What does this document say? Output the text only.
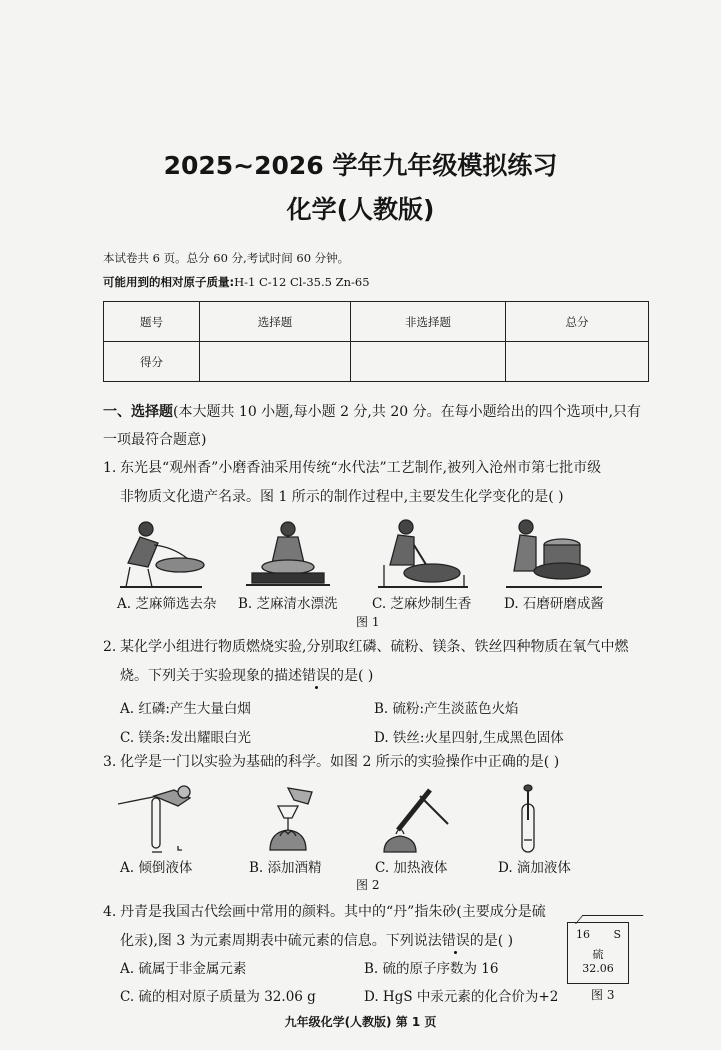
2025~2026 学年九年级模拟练习
化学(人教版)
本试卷共 6 页。总分 60 分,考试时间 60 分钟。
可能用到的相对原子质量:H-1 C-12 Cl-35.5 Zn-65
题号	选择题	非选择题	总分
得分			
一、选择题(本大题共 10 小题,每小题 2 分,共 20 分。在每小题给出的四个选项中,只有
一项最符合题意)
1. 东光县“观州香”小磨香油采用传统“水代法”工艺制作,被列入沧州市第七批市级
非物质文化遗产名录。图 1 所示的制作过程中,主要发生化学变化的是( )
A. 芝麻筛选去杂 B. 芝麻清水漂洗	C. 芝麻炒制生香 D. 石磨研磨成酱
图 1
2. 某化学小组进行物质燃烧实验,分别取红磷、硫粉、镁条、铁丝四种物质在氧气中燃
烧。下列关于实验现象的描述错误的是( )
A. 红磷:产生大量白烟	B. 硫粉:产生淡蓝色火焰
C. 镁条:发出耀眼白光	D. 铁丝:火星四射,生成黑色固体
3. 化学是一门以实验为基础的科学。如图 2 所示的实验操作中正确的是( )
A. 倾倒液体	B. 添加酒精	C. 加热液体	D. 滴加液体
图 2
4. 丹青是我国古代绘画中常用的颜料。其中的“丹”指朱砂(主要成分是硫
化汞),图 3 为元素周期表中硫元素的信息。下列说法错误的是( )
A. 硫属于非金属元素	B. 硫的原子序数为 16
C. 硫的相对原子质量为 32.06 g	D. HgS 中汞元素的化合价为+2
16 S
硫
32.06
图 3
九年级化学(人教版) 第 1 页
